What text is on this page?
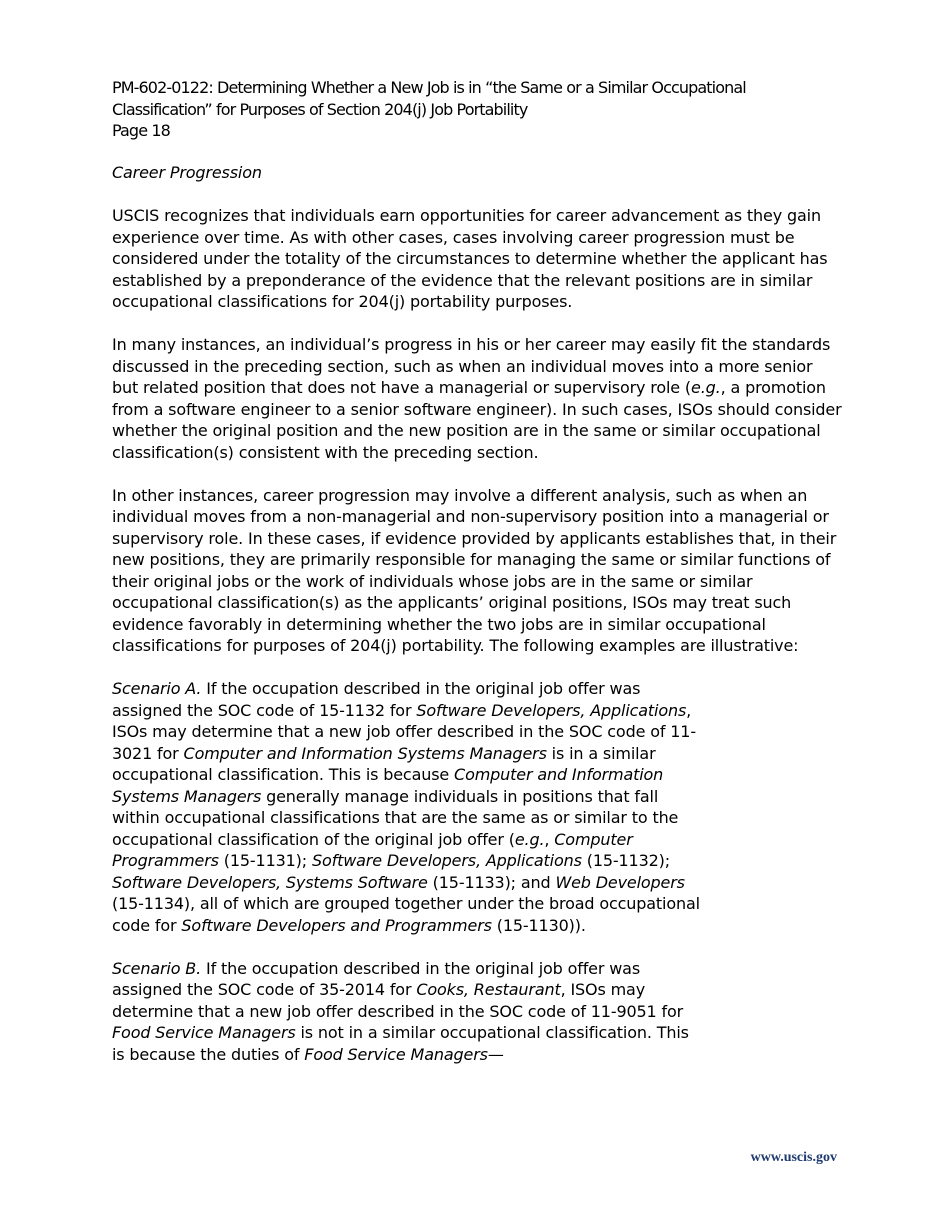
PM-602-0122: Determining Whether a New Job is in “the Same or a Similar Occupational
Classification” for Purposes of Section 204(j) Job Portability
Page 18
Career Progression

USCIS recognizes that individuals earn opportunities for career advancement as they gain experience over time. As with other cases, cases involving career progression must be considered under the totality of the circumstances to determine whether the applicant has established by a preponderance of the evidence that the relevant positions are in similar occupational classifications for 204(j) portability purposes.

In many instances, an individual’s progress in his or her career may easily fit the standards discussed in the preceding section, such as when an individual moves into a more senior but related position that does not have a managerial or supervisory role (e.g., a promotion from a software engineer to a senior software engineer). In such cases, ISOs should consider whether the original position and the new position are in the same or similar occupational classification(s) consistent with the preceding section.

In other instances, career progression may involve a different analysis, such as when an individual moves from a non-managerial and non-supervisory position into a managerial or supervisory role. In these cases, if evidence provided by applicants establishes that, in their new positions, they are primarily responsible for managing the same or similar functions of their original jobs or the work of individuals whose jobs are in the same or similar occupational classification(s) as the applicants’ original positions, ISOs may treat such evidence favorably in determining whether the two jobs are in similar occupational classifications for purposes of 204(j) portability. The following examples are illustrative:

Scenario A. If the occupation described in the original job offer was assigned the SOC code of 15-1132 for Software Developers, Applications, ISOs may determine that a new job offer described in the SOC code of 11-3021 for Computer and Information Systems Managers is in a similar occupational classification. This is because Computer and Information Systems Managers generally manage individuals in positions that fall within occupational classifications that are the same as or similar to the occupational classification of the original job offer (e.g., Computer Programmers (15-1131); Software Developers, Applications (15-1132); Software Developers, Systems Software (15-1133); and Web Developers (15-1134), all of which are grouped together under the broad occupational code for Software Developers and Programmers (15-1130)).

Scenario B. If the occupation described in the original job offer was assigned the SOC code of 35-2014 for Cooks, Restaurant, ISOs may determine that a new job offer described in the SOC code of 11-9051 for Food Service Managers is not in a similar occupational classification. This is because the duties of Food Service Managers—

www.uscis.gov
